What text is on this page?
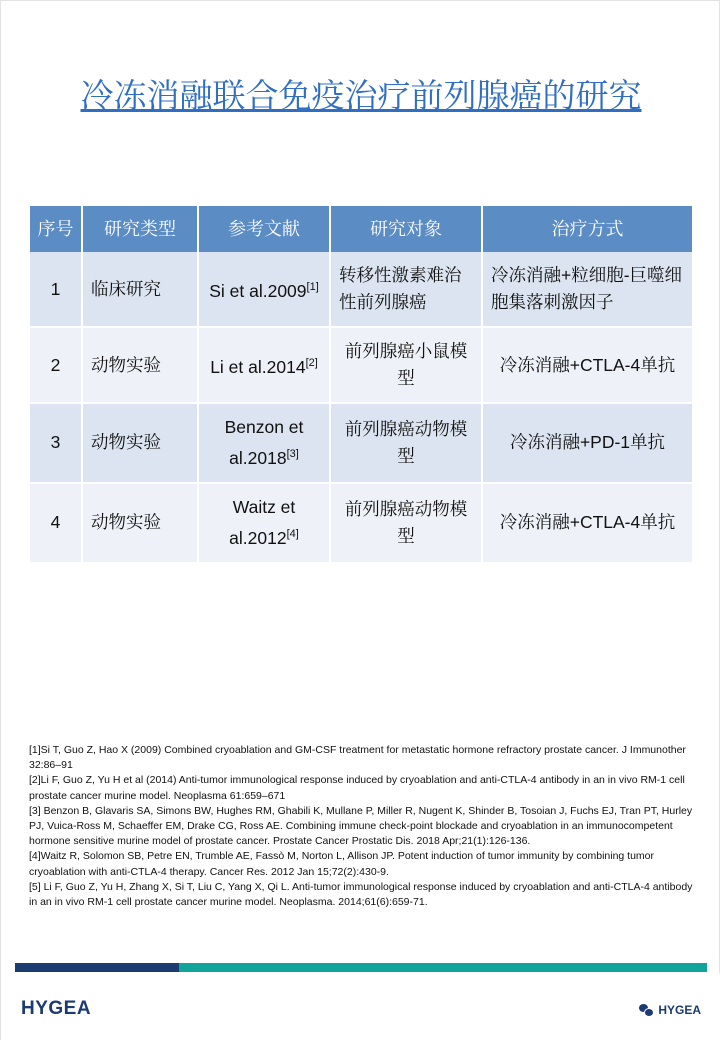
冷冻消融联合免疫治疗前列腺癌的研究
序号	研究类型	参考文献	研究对象	治疗方式
1	临床研究	Si et al.2009[1]	转移性激素难治性前列腺癌	冷冻消融+粒细胞-巨噬细胞集落刺激因子
2	动物实验	Li et al.2014[2]	前列腺癌小鼠模型	冷冻消融+CTLA-4单抗
3	动物实验	Benzon et al.2018[3]	前列腺癌动物模型	冷冻消融+PD-1单抗
4	动物实验	Waitz et al.2012[4]	前列腺癌动物模型	冷冻消融+CTLA-4单抗

[1]Si T, Guo Z, Hao X (2009) Combined cryoablation and GM-CSF treatment for metastatic hormone refractory prostate cancer. J Immunother 32:86–91

[2]Li F, Guo Z, Yu H et al (2014) Anti-tumor immunological response induced by cryoablation and anti-CTLA-4 antibody in an in vivo RM-1 cell prostate cancer murine model. Neoplasma 61:659–671

[3] Benzon B, Glavaris SA, Simons BW, Hughes RM, Ghabili K, Mullane P, Miller R, Nugent K, Shinder B, Tosoian J, Fuchs EJ, Tran PT, Hurley PJ, Vuica-Ross M, Schaeffer EM, Drake CG, Ross AE. Combining immune check-point blockade and cryoablation in an immunocompetent hormone sensitive murine model of prostate cancer. Prostate Cancer Prostatic Dis. 2018 Apr;21(1):126-136.

[4]Waitz R, Solomon SB, Petre EN, Trumble AE, Fassò M, Norton L, Allison JP. Potent induction of tumor immunity by combining tumor cryoablation with anti-CTLA-4 therapy. Cancer Res. 2012 Jan 15;72(2):430-9.

[5] Li F, Guo Z, Yu H, Zhang X, Si T, Liu C, Yang X, Qi L. Anti-tumor immunological response induced by cryoablation and anti-CTLA-4 antibody in an in vivo RM-1 cell prostate cancer murine model. Neoplasma. 2014;61(6):659-71.

HYGEA	HYGEA
